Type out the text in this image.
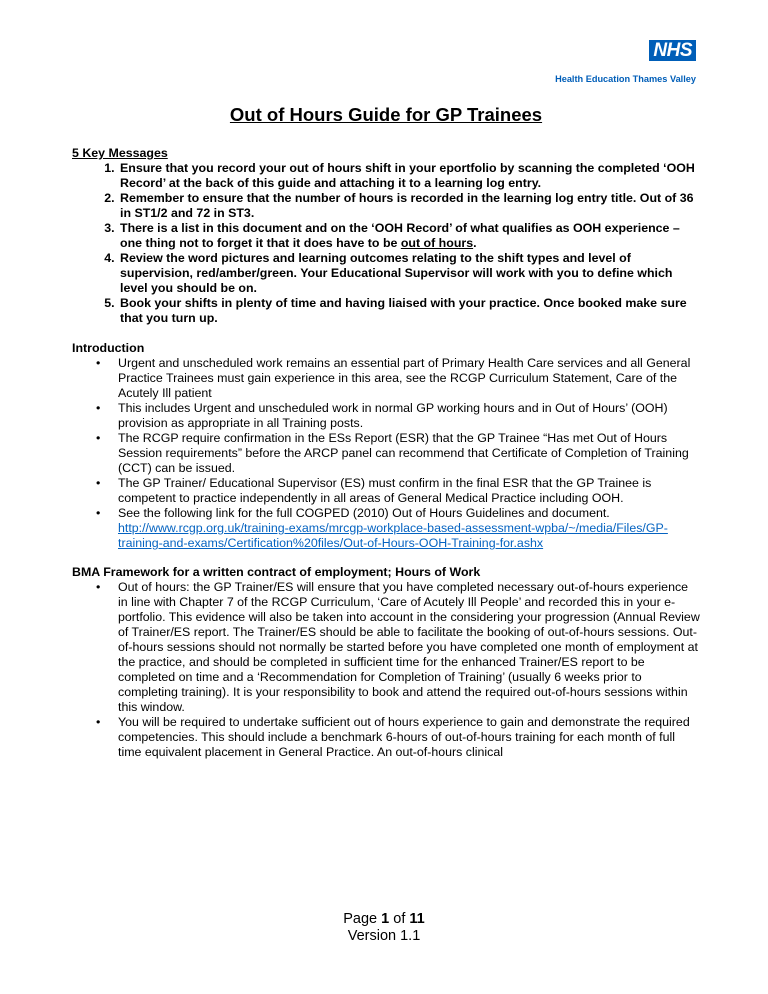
NHS
Health Education Thames Valley
Out of Hours Guide for GP Trainees

5 Key Messages

1. Ensure that you record your out of hours shift in your eportfolio by scanning the completed ‘OOH Record’ at the back of this guide and attaching it to a learning log entry.
2. Remember to ensure that the number of hours is recorded in the learning log entry title. Out of 36 in ST1/2 and 72 in ST3.
3. There is a list in this document and on the ‘OOH Record’ of what qualifies as OOH experience – one thing not to forget it that it does have to be out of hours.
4. Review the word pictures and learning outcomes relating to the shift types and level of supervision, red/amber/green. Your Educational Supervisor will work with you to define which level you should be on.
5. Book your shifts in plenty of time and having liaised with your practice. Once booked make sure that you turn up.

Introduction

• Urgent and unscheduled work remains an essential part of Primary Health Care services and all General Practice Trainees must gain experience in this area, see the RCGP Curriculum Statement, Care of the Acutely Ill patient
• This includes Urgent and unscheduled work in normal GP working hours and in Out of Hours’ (OOH) provision as appropriate in all Training posts.
• The RCGP require confirmation in the ESs Report (ESR) that the GP Trainee “Has met Out of Hours Session requirements” before the ARCP panel can recommend that Certificate of Completion of Training (CCT) can be issued.
• The GP Trainer/ Educational Supervisor (ES) must confirm in the final ESR that the GP Trainee is competent to practice independently in all areas of General Medical Practice including OOH.
• See the following link for the full COGPED (2010) Out of Hours Guidelines and document.
http://www.rcgp.org.uk/training-exams/mrcgp-workplace-based-assessment-wpba/~/media/Files/GP-training-and-exams/Certification%20files/Out-of-Hours-OOH-Training-for.ashx

BMA Framework for a written contract of employment; Hours of Work

• Out of hours: the GP Trainer/ES will ensure that you have completed necessary out-of-hours experience in line with Chapter 7 of the RCGP Curriculum, ‘Care of Acutely Ill People’ and recorded this in your e-portfolio. This evidence will also be taken into account in the considering your progression (Annual Review of Trainer/ES report. The Trainer/ES should be able to facilitate the booking of out-of-hours sessions. Out-of-hours sessions should not normally be started before you have completed one month of employment at the practice, and should be completed in sufficient time for the enhanced Trainer/ES report to be completed on time and a ‘Recommendation for Completion of Training’ (usually 6 weeks prior to completing training). It is your responsibility to book and attend the required out-of-hours sessions within this window.
• You will be required to undertake sufficient out of hours experience to gain and demonstrate the required competencies. This should include a benchmark 6-hours of out-of-hours training for each month of full time equivalent placement in General Practice. An out-of-hours clinical
Page 1 of 11
Version 1.1
